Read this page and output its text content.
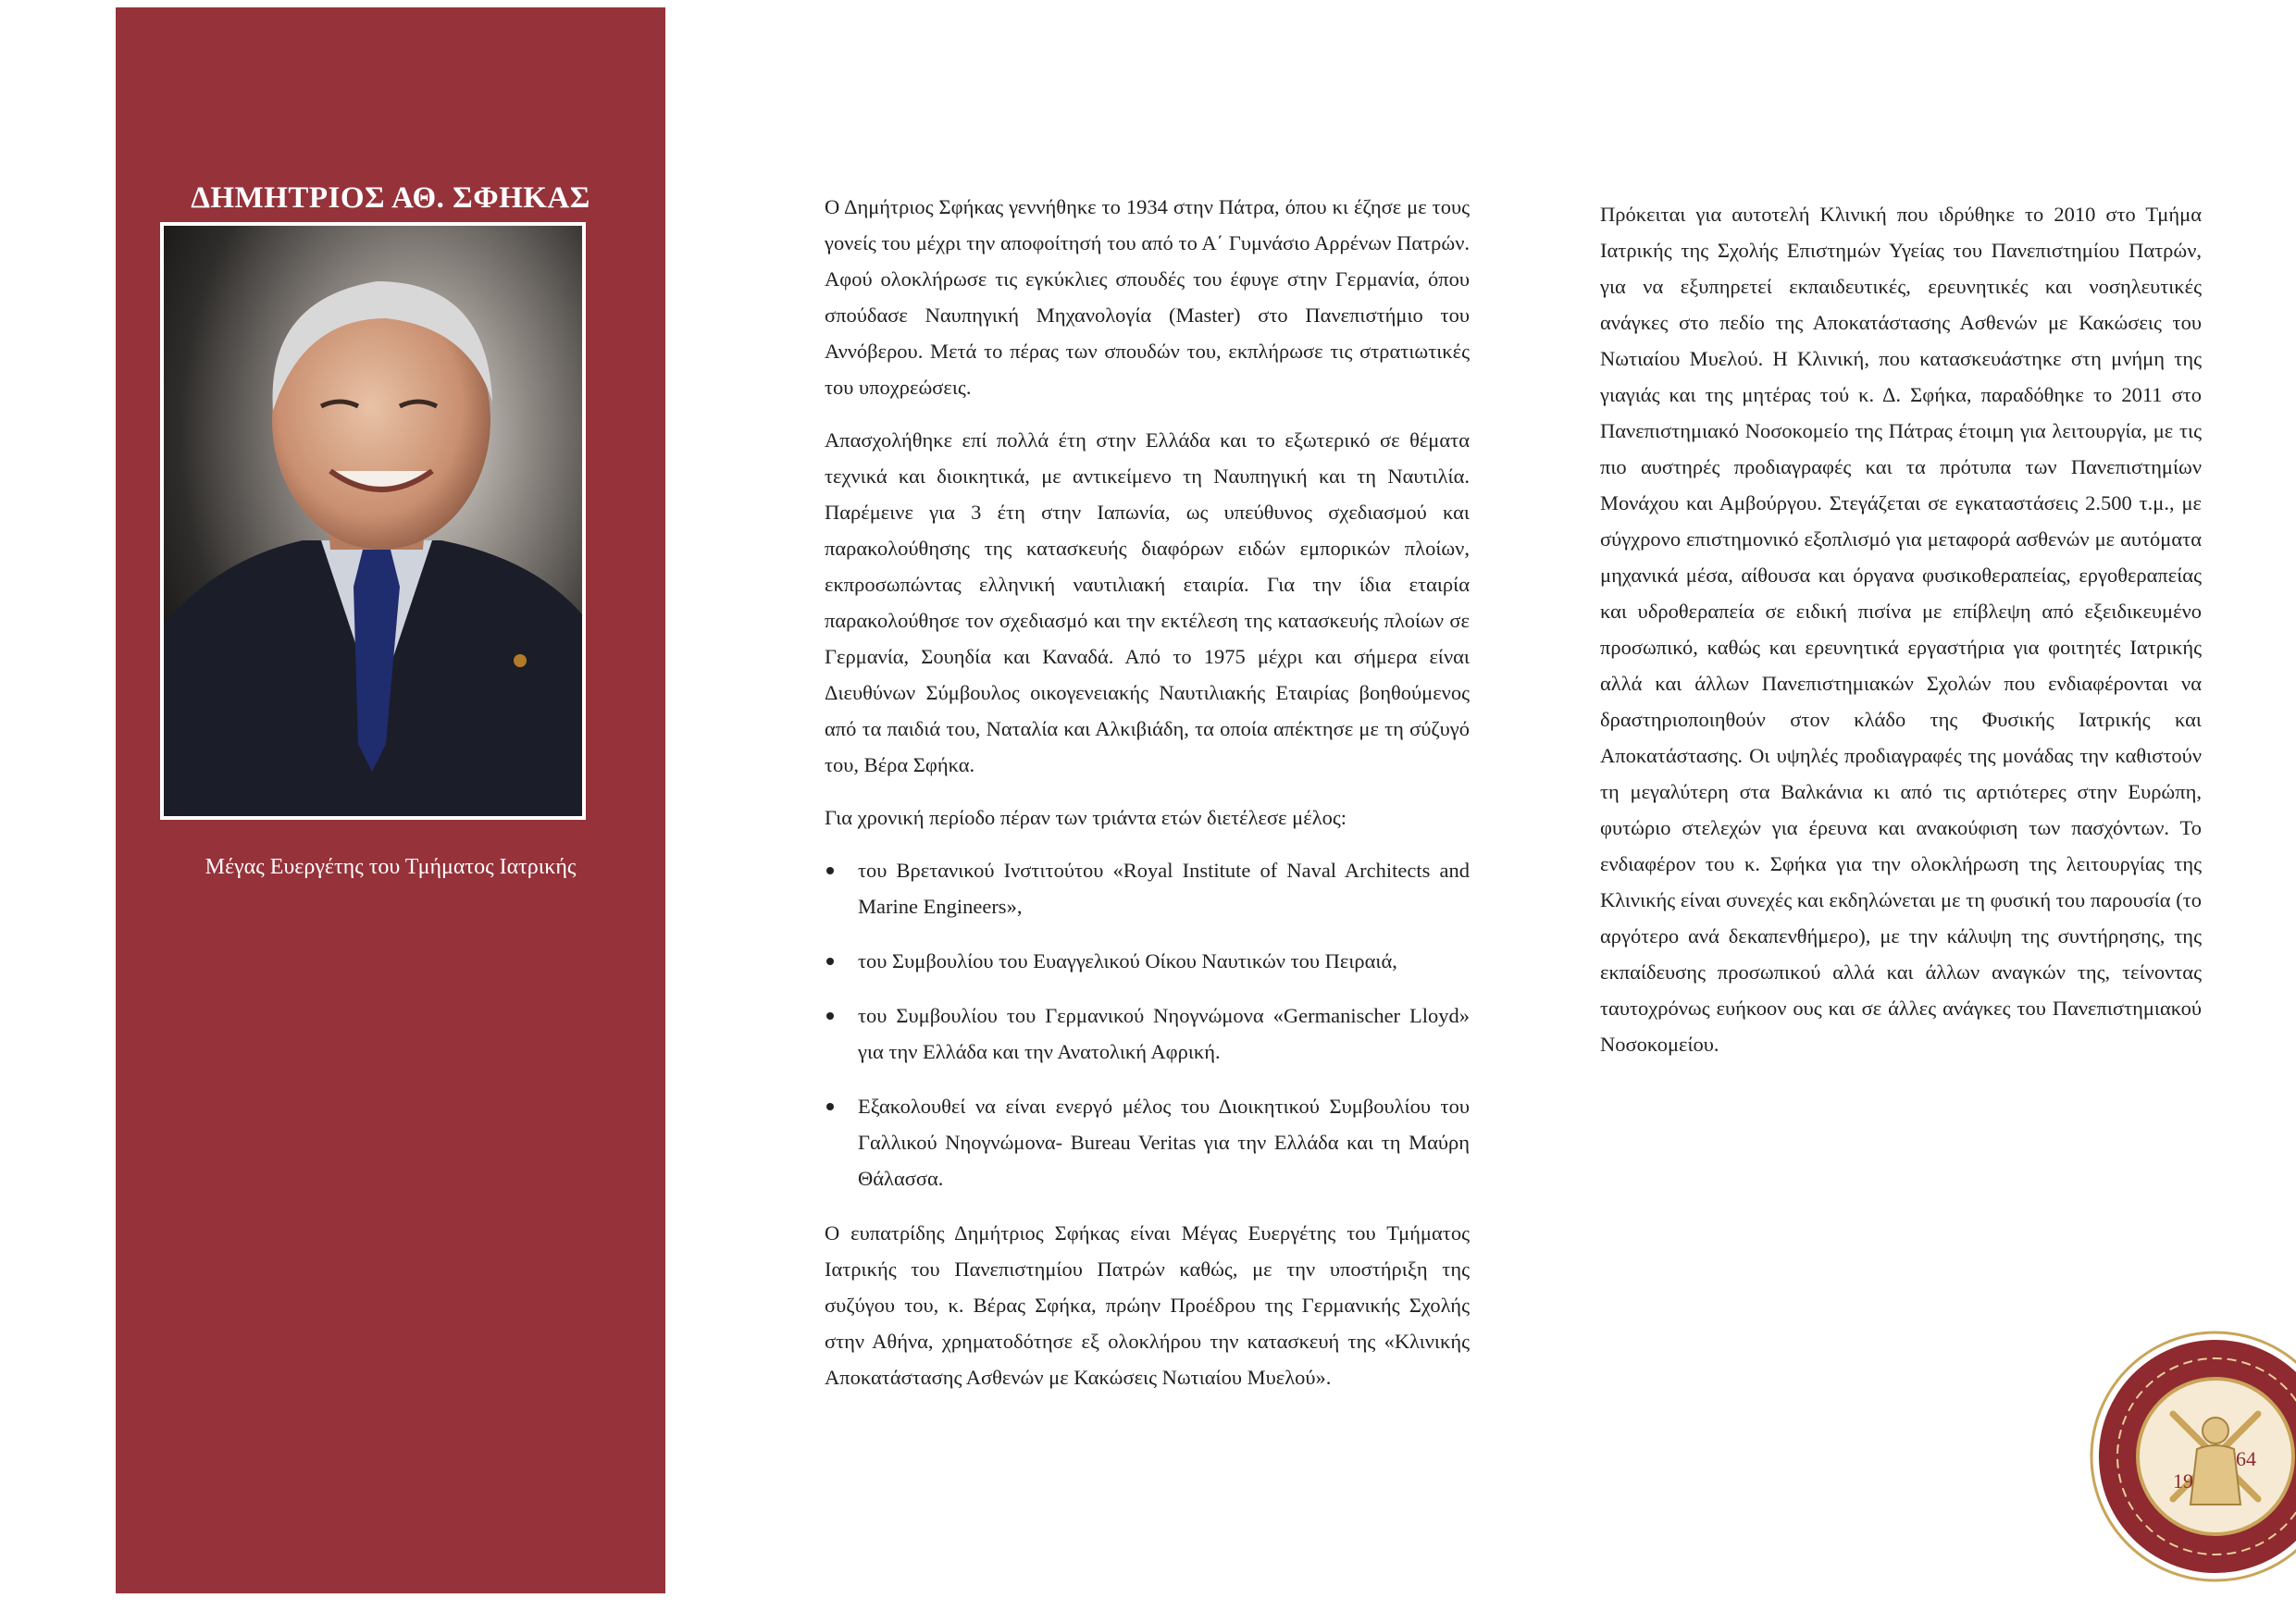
ΔΗΜΗΤΡΙΟΣ ΑΘ. ΣΦΗΚΑΣ
Μέγας Ευεργέτης του Τμήματος Ιατρικής

Ο Δημήτριος Σφήκας γεννήθηκε το 1934 στην Πάτρα, όπου κι έζησε με τους γονείς του μέχρι την αποφοίτησή του από το Α΄ Γυμνάσιο Αρρένων Πατρών. Αφού ολοκλήρωσε τις εγκύκλιες σπουδές του έφυγε στην Γερμανία, όπου σπούδασε Ναυπηγική Μηχανολογία (Master) στο Πανεπιστήμιο του Αννόβερου. Μετά το πέρας των σπουδών του, εκπλήρωσε τις στρατιωτικές του υποχρεώσεις.

Απασχολήθηκε επί πολλά έτη στην Ελλάδα και το εξωτερικό σε θέματα τεχνικά και διοικητικά, με αντικείμενο τη Ναυπηγική και τη Ναυτιλία. Παρέμεινε για 3 έτη στην Ιαπωνία, ως υπεύθυνος σχεδιασμού και παρακολούθησης της κατασκευής διαφόρων ειδών εμπορικών πλοίων, εκπροσωπώντας ελληνική ναυτιλιακή εταιρία. Για την ίδια εταιρία παρακολούθησε τον σχεδιασμό και την εκτέλεση της κατασκευής πλοίων σε Γερμανία, Σουηδία και Καναδά. Από το 1975 μέχρι και σήμερα είναι Διευθύνων Σύμβουλος οικογενειακής Ναυτιλιακής Εταιρίας βοηθούμενος από τα παιδιά του, Ναταλία και Αλκιβιάδη, τα οποία απέκτησε με τη σύζυγό του, Βέρα Σφήκα.

Για χρονική περίοδο πέραν των τριάντα ετών διετέλεσε μέλος:

του Βρετανικού Ινστιτούτου «Royal Institute of Naval Architects and Marine Engineers»,
του Συμβουλίου του Ευαγγελικού Οίκου Ναυτικών του Πειραιά,
του Συμβουλίου του Γερμανικού Νηογνώμονα «Germanischer Lloyd» για την Ελλάδα και την Ανατολική Αφρική.
Εξακολουθεί να είναι ενεργό μέλος του Διοικητικού Συμβουλίου του Γαλλικού Νηογνώμονα- Bureau Veritas για την Ελλάδα και τη Μαύρη Θάλασσα.

Ο ευπατρίδης Δημήτριος Σφήκας είναι Μέγας Ευεργέτης του Τμήματος Ιατρικής του Πανεπιστημίου Πατρών καθώς, με την υποστήριξη της συζύγου του, κ. Βέρας Σφήκα, πρώην Προέδρου της Γερμανικής Σχολής στην Αθήνα, χρηματοδότησε εξ ολοκλήρου την κατασκευή της «Κλινικής Αποκατάστασης Ασθενών με Κακώσεις Νωτιαίου Μυελού».

Πρόκειται για αυτοτελή Κλινική που ιδρύθηκε το 2010 στο Τμήμα Ιατρικής της Σχολής Επιστημών Υγείας του Πανεπιστημίου Πατρών, για να εξυπηρετεί εκπαιδευτικές, ερευνητικές και νοσηλευτικές ανάγκες στο πεδίο της Αποκατάστασης Ασθενών με Κακώσεις του Νωτιαίου Μυελού. Η Κλινική, που κατασκευάστηκε στη μνήμη της γιαγιάς και της μητέρας τού κ. Δ. Σφήκα, παραδόθηκε το 2011 στο Πανεπιστημιακό Νοσοκομείο της Πάτρας έτοιμη για λειτουργία, με τις πιο αυστηρές προδιαγραφές και τα πρότυπα των Πανεπιστημίων Μονάχου και Αμβούργου. Στεγάζεται σε εγκαταστάσεις 2.500 τ.μ., με σύγχρονο επιστημονικό εξοπλισμό για μεταφορά ασθενών με αυτόματα μηχανικά μέσα, αίθουσα και όργανα φυσικοθεραπείας, εργοθεραπείας και υδροθεραπεία σε ειδική πισίνα με επίβλεψη από εξειδικευμένο προσωπικό, καθώς και ερευνητικά εργαστήρια για φοιτητές Ιατρικής αλλά και άλλων Πανεπιστημιακών Σχολών που ενδιαφέρονται να δραστηριοποιηθούν στον κλάδο της Φυσικής Ιατρικής και Αποκατάστασης. Οι υψηλές προδιαγραφές της μονάδας την καθιστούν τη μεγαλύτερη στα Βαλκάνια κι από τις αρτιότερες στην Ευρώπη, φυτώριο στελεχών για έρευνα και ανακούφιση των πασχόντων. Το ενδιαφέρον του κ. Σφήκα για την ολοκλήρωση της λειτουργίας της Κλινικής είναι συνεχές και εκδηλώνεται με τη φυσική του παρουσία (το αργότερο ανά δεκαπενθήμερο), με την κάλυψη της συντήρησης, της εκπαίδευσης προσωπικού αλλά και άλλων αναγκών της, τείνοντας ταυτοχρόνως ευήκοον ους και σε άλλες ανάγκες του Πανεπιστημιακού Νοσοκομείου.

19
64
